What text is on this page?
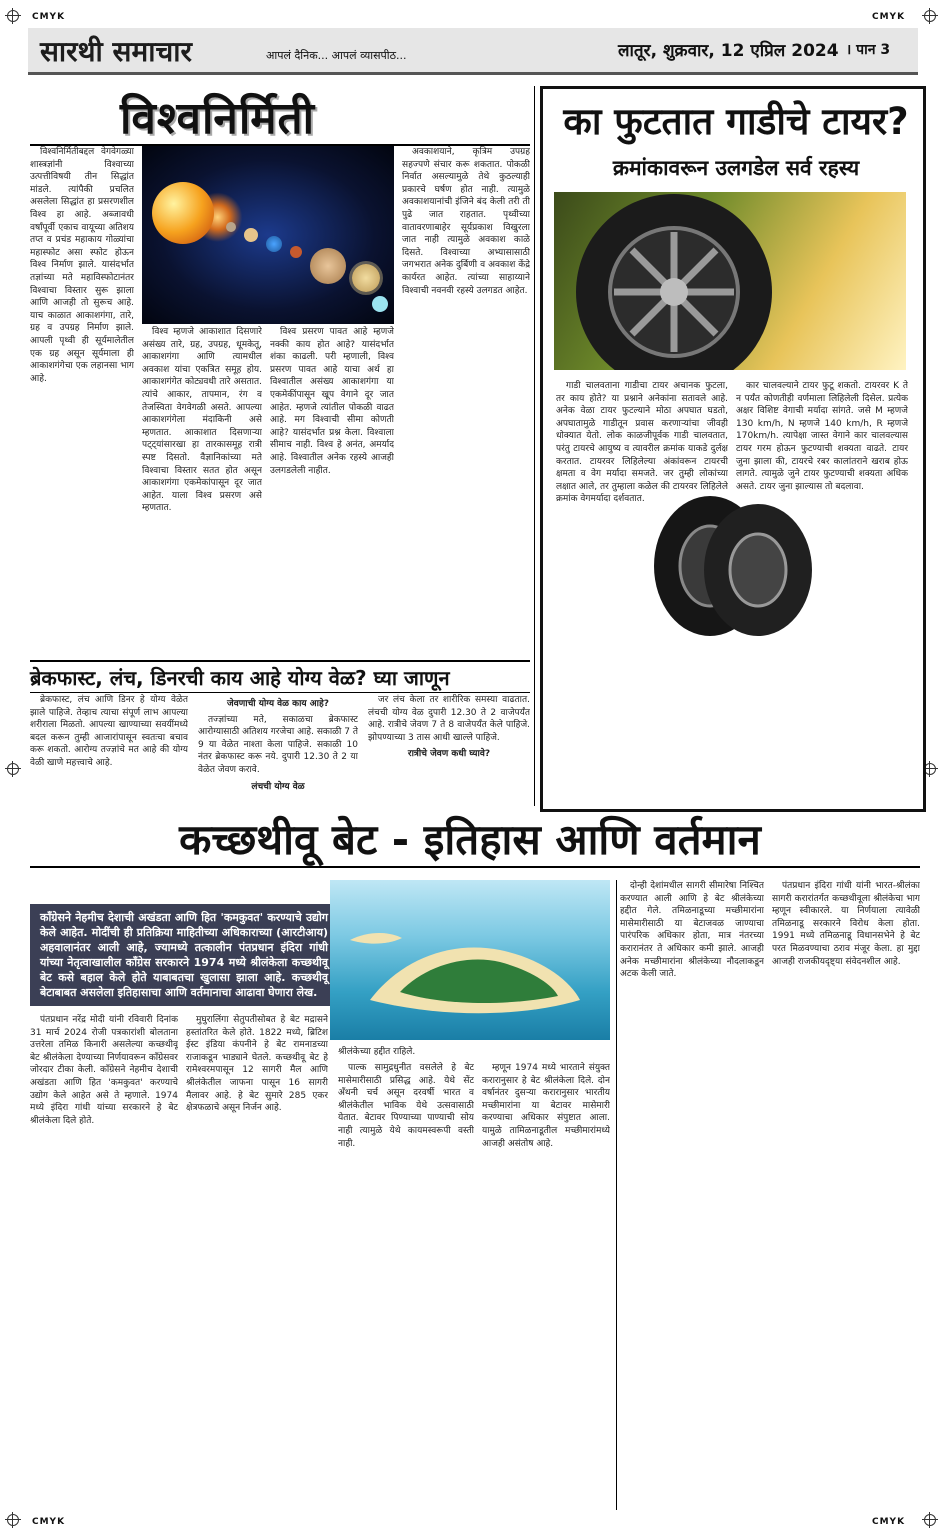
CMYK	CMYK
CMYK	CMYK
सारथी समाचार	आपलं दैनिक... आपलं व्यासपीठ...	लातूर, शुक्रवार, 12 एप्रिल 2024 । पान 3
विश्वनिर्मिती

विश्वनिर्मितीबद्दल वेगवेगळ्या शास्त्रज्ञांनी विश्वाच्या उत्पत्तीविषयी तीन सिद्धांत मांडले. त्यांपैकी प्रचलित असलेला सिद्धांत हा प्रसरणशील विश्व हा आहे. अब्जावधी वर्षांपूर्वी एकाच वायूच्या अतिशय तप्त व प्रचंड महाकाय गोळ्यांचा महास्फोट असा स्फोट होऊन विश्व निर्माण झाले. यासंदर्भात तज्ञांच्या मते महाविस्फोटानंतर विश्वाचा विस्तार सुरू झाला आणि आजही तो सुरूच आहे. याच काळात आकाशगंगा, तारे, ग्रह व उपग्रह निर्माण झाले. आपली पृथ्वी ही सूर्यमालेतील एक ग्रह असून सूर्यमाला ही आकाशगंगेचा एक लहानसा भाग आहे.

विश्व म्हणजे आकाशात दिसणारे असंख्य तारे, ग्रह, उपग्रह, धूमकेतू, आकाशगंगा आणि त्यामधील अवकाश यांचा एकत्रित समूह होय. आकाशगंगेत कोट्यवधी तारे असतात. त्यांचे आकार, तापमान, रंग व तेजस्विता वेगवेगळी असते. आपल्या आकाशगंगेला मंदाकिनी असे म्हणतात. आकाशात दिसणाऱ्या पट्ट्यांसारखा हा तारकासमूह रात्री स्पष्ट दिसतो. वैज्ञानिकांच्या मते विश्वाचा विस्तार सतत होत असून आकाशगंगा एकमेकांपासून दूर जात आहेत. याला विश्व प्रसरण असे म्हणतात.

विश्व प्रसरण पावत आहे म्हणजे नक्की काय होत आहे? यासंदर्भात शंका काढली. परी म्हणाली, विश्व प्रसरण पावत आहे याचा अर्थ हा विश्वातील असंख्य आकाशगंगा या एकमेकींपासून खूप वेगाने दूर जात आहेत. म्हणजे त्यांतील पोकळी वाढत आहे. मग विश्वाची सीमा कोणती आहे? यासंदर्भात प्रश्न केला. विश्वाला सीमाच नाही. विश्व हे अनंत, अमर्याद आहे. विश्वातील अनेक रहस्ये आजही उलगडलेली नाहीत.

अवकाशयाने, कृत्रिम उपग्रह सहज्पणे संचार करू शकतात. पोकळी निर्वात असल्यामुळे तेथे कुठल्याही प्रकारचे घर्षण होत नाही. त्यामुळे अवकाशयानांची इंजिने बंद केली तरी ती पुढे जात राहतात. पृथ्वीच्या वातावरणाबाहेर सूर्यप्रकाश विखुरला जात नाही त्यामुळे अवकाश काळे दिसते. विश्वाच्या अभ्यासासाठी जगभरात अनेक दुर्बिणी व अवकाश केंद्रे कार्यरत आहेत. त्यांच्या साहाय्याने विश्वाची नवनवी रहस्ये उलगडत आहेत.

का फुटतात गाडीचे टायर?
क्रमांकावरून उलगडेल सर्व रहस्य

गाडी चालवताना गाडीचा टायर अचानक फुटला, तर काय होते? या प्रश्नाने अनेकांना सतावले आहे. अनेक वेळा टायर फुटल्याने मोठा अपघात घडतो, अपघातामुळे गाडीतून प्रवास करणाऱ्यांचा जीवही धोक्यात येतो. लोक काळजीपूर्वक गाडी चालवतात, परंतु टायरचे आयुष्य व त्यावरील क्रमांक याकडे दुर्लक्ष करतात. टायरवर लिहिलेल्या अंकांवरून टायरची क्षमता व वेग मर्यादा समजते. जर तुम्ही लोकांच्या लक्षात आले, तर तुम्हाला कळेल की टायरवर लिहिलेले क्रमांक वेगमर्यादा दर्शवतात.

कार चालवल्याने टायर फुटू शकतो. टायरवर K ते न पर्यंत कोणतीही वर्णमाला लिहिलेली दिसेल. प्रत्येक अक्षर विशिष्ट वेगाची मर्यादा सांगते. जसे M म्हणजे 130 km/h, N म्हणजे 140 km/h, R म्हणजे 170km/h. त्यापेक्षा जास्त वेगाने कार चालवल्यास टायर गरम होऊन फुटण्याची शक्यता वाढते. टायर जुना झाला की, टायरचे रबर कालांतराने खराब होऊ लागते. त्यामुळे जुने टायर फुटण्याची शक्यता अधिक असते. टायर जुना झाल्यास तो बदलावा.

ब्रेकफास्ट, लंच, डिनरची काय आहे योग्य वेळ? घ्या जाणून

ब्रेकफास्ट, लंच आणि डिनर हे योग्य वेळेत झाले पाहिजे. तेव्हाच त्याचा संपूर्ण लाभ आपल्या शरीराला मिळतो. आपल्या खाण्याच्या सवयींमध्ये बदल करून तुम्ही आजारांपासून स्वतःचा बचाव करू शकतो. आरोग्य तज्ज्ञांचे मत आहे की योग्य वेळी खाणे महत्त्वाचे आहे.

जेवणाची योग्य वेळ काय आहे?

तज्ज्ञांच्या मते, सकाळचा ब्रेकफास्ट आरोग्यासाठी अतिशय गरजेचा आहे. सकाळी 7 ते 9 या वेळेत नाश्ता केला पाहिजे. सकाळी 10 नंतर ब्रेकफास्ट करू नये. दुपारी 12.30 ते 2 या वेळेत जेवण करावे.

लंचची योग्य वेळ

जर लंच केला तर शारीरिक समस्या वाढतात. लंचची योग्य वेळ दुपारी 12.30 ते 2 वाजेपर्यंत आहे. रात्रीचे जेवण 7 ते 8 वाजेपर्यंत केले पाहिजे. झोपण्याच्या 3 तास आधी खाल्ले पाहिजे.

रात्रीचे जेवण कधी घ्यावे?
कच्छथीवू बेट - इतिहास आणि वर्तमान
कॉंग्रेसने नेहमीच देशाची अखंडता आणि हित 'कमकुवत' करण्याचे उद्योग केले आहेत. मोदींची ही प्रतिक्रिया माहितीच्या अधिकाराच्या (आरटीआय) अहवालानंतर आली आहे, ज्यामध्ये तत्कालीन पंतप्रधान इंदिरा गांधी यांच्या नेतृत्वाखालील काँग्रेस सरकारने 1974 मध्ये श्रीलंकेला कच्छथीवू बेट कसे बहाल केले होते याबाबतचा खुलासा झाला आहे. कच्छथीवू बेटाबाबत असलेला इतिहासाचा आणि वर्तमानाचा आढावा घेणारा लेख.
श्रीलंकेच्या हद्दीत राहिले.

पंतप्रधान नरेंद्र मोदी यांनी रविवारी दिनांक 31 मार्च 2024 रोजी पत्रकारांशी बोलताना उत्तरेला तमिळ किनारी असलेल्या कच्छथीवू बेट श्रीलंकेला देण्याच्या निर्णयावरून काँग्रेसवर जोरदार टीका केली. कॉंग्रेसने नेहमीच देशाची अखंडता आणि हित 'कमकुवत' करण्याचे उद्योग केले आहेत असे ते म्हणाले. 1974 मध्ये इंदिरा गांधी यांच्या सरकारने हे बेट श्रीलंकेला दिले होते.

मुघुरालिंगा सेतुपतीसोबत हे बेट मद्रासने हस्तांतरित केले होते. 1822 मध्ये, ब्रिटिश ईस्ट इंडिया कंपनीने हे बेट रामनाडच्या राजाकडून भाड्याने घेतले. कच्छथीवू बेट हे रामेश्वरमपासून 12 सागरी मैल आणि श्रीलंकेतील जाफना पासून 16 सागरी मैलावर आहे. हे बेट सुमारे 285 एकर क्षेत्रफळाचे असून निर्जन आहे.

पाल्क सामुद्रधुनीत वसलेले हे बेट मासेमारीसाठी प्रसिद्ध आहे. येथे सेंट अँथनी चर्च असून दरवर्षी भारत व श्रीलंकेतील भाविक येथे उत्सवासाठी येतात. बेटावर पिण्याच्या पाण्याची सोय नाही त्यामुळे येथे कायमस्वरूपी वस्ती नाही.

म्हणून 1974 मध्ये भारताने संयुक्त करारानुसार हे बेट श्रीलंकेला दिले. दोन वर्षानंतर दुसऱ्या करारानुसार भारतीय मच्छीमारांना या बेटावर मासेमारी करण्याचा अधिकार संपुष्टात आला. यामुळे तामिळनाडूतील मच्छीमारांमध्ये आजही असंतोष आहे.

दोन्ही देशांमधील सागरी सीमारेषा निश्चित करण्यात आली आणि हे बेट श्रीलंकेच्या हद्दीत गेले. तमिळनाडूच्या मच्छीमारांना मासेमारीसाठी या बेटाजवळ जाण्याचा पारंपरिक अधिकार होता, मात्र नंतरच्या करारानंतर ते अधिकार कमी झाले. आजही अनेक मच्छीमारांना श्रीलंकेच्या नौदलाकडून अटक केली जाते.

पंतप्रधान इंदिरा गांधी यांनी भारत-श्रीलंका सागरी करारांतर्गत कच्छथीवूला श्रीलंकेचा भाग म्हणून स्वीकारले. या निर्णयाला त्यावेळी तमिळनाडू सरकारने विरोध केला होता. 1991 मध्ये तमिळनाडू विधानसभेने हे बेट परत मिळवण्याचा ठराव मंजूर केला. हा मुद्दा आजही राजकीयदृष्ट्या संवेदनशील आहे.
